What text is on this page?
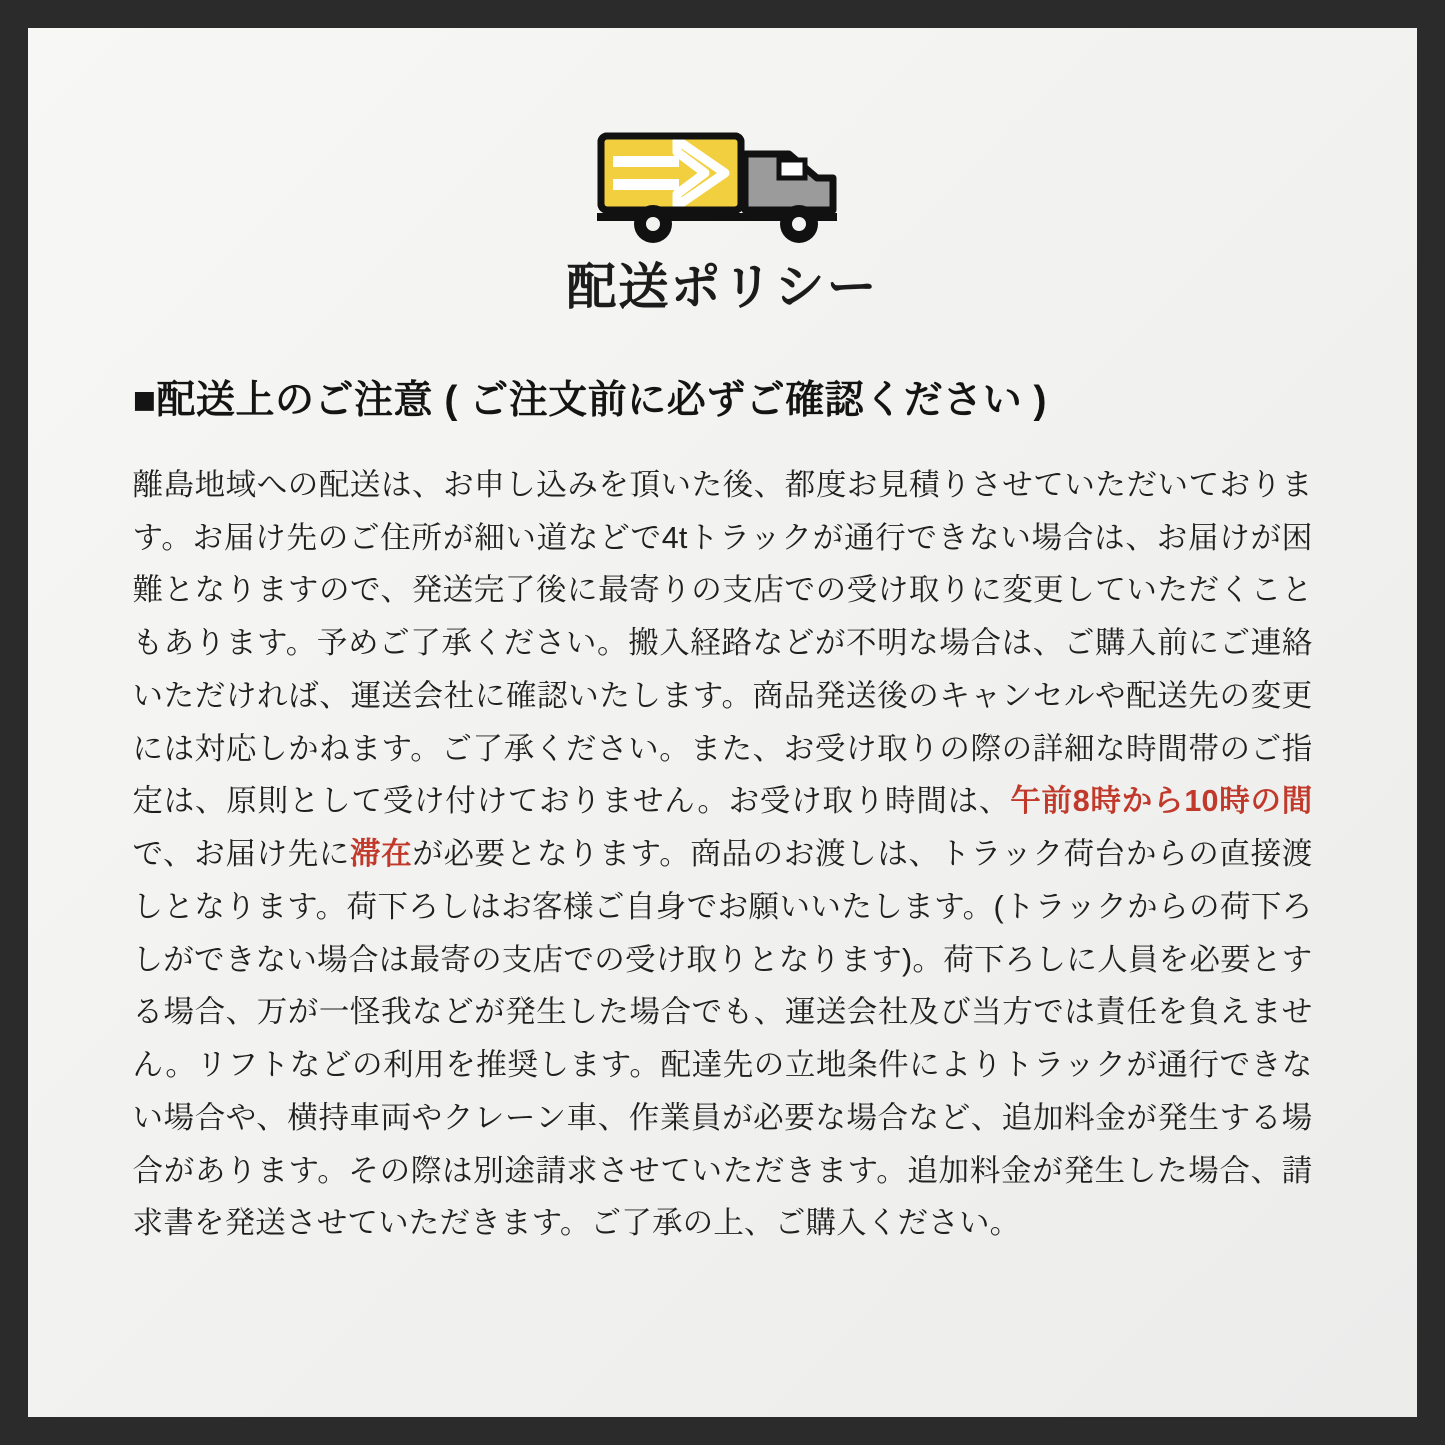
配送ポリシー
■配送上のご注意 ( ご注文前に必ずご確認ください )

離島地域への配送は、お申し込みを頂いた後、都度お見積りさせていただいております。お届け先のご住所が細い道などで4tトラックが通行できない場合は、お届けが困難となりますので、発送完了後に最寄りの支店での受け取りに変更していただくこともあります。予めご了承ください。搬入経路などが不明な場合は、ご購入前にご連絡いただければ、運送会社に確認いたします。商品発送後のキャンセルや配送先の変更には対応しかねます。ご了承ください。また、お受け取りの際の詳細な時間帯のご指定は、原則として受け付けておりません。お受け取り時間は、午前8時から10時の間で、お届け先に滞在が必要となります。商品のお渡しは、トラック荷台からの直接渡しとなります。荷下ろしはお客様ご自身でお願いいたします。(トラックからの荷下ろしができない場合は最寄の支店での受け取りとなります)。荷下ろしに人員を必要とする場合、万が一怪我などが発生した場合でも、運送会社及び当方では責任を負えません。リフトなどの利用を推奨します。配達先の立地条件によりトラックが通行できない場合や、横持車両やクレーン車、作業員が必要な場合など、追加料金が発生する場合があります。その際は別途請求させていただきます。追加料金が発生した場合、請求書を発送させていただきます。ご了承の上、ご購入ください。
